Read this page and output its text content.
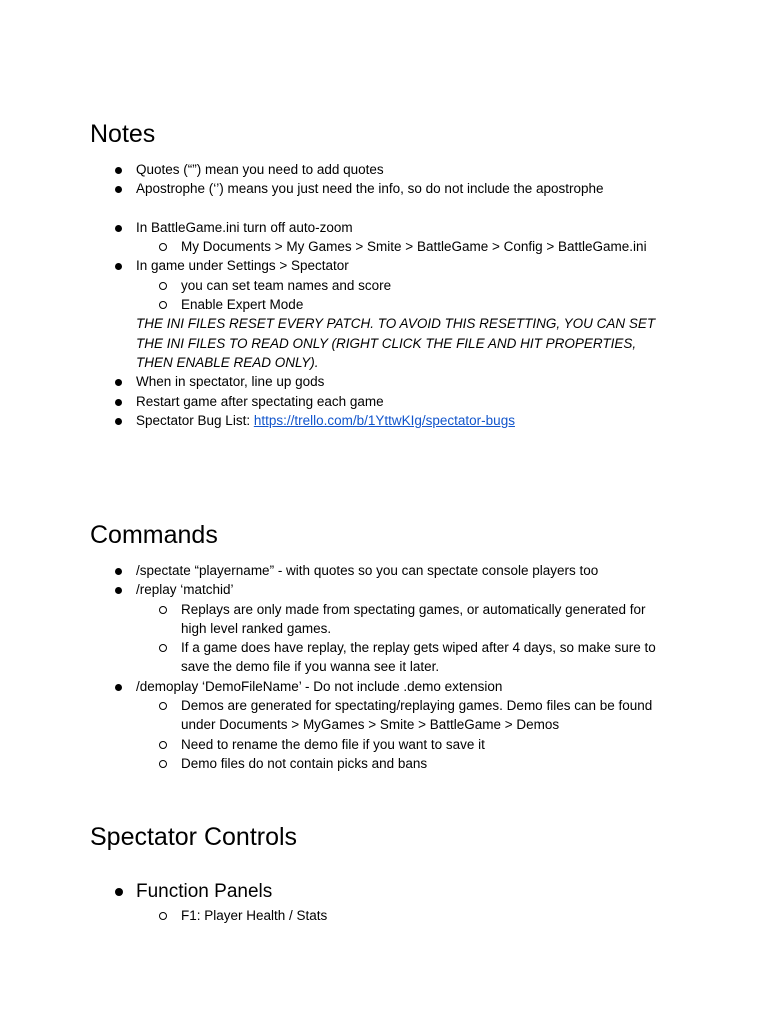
Notes
Quotes (“”) mean you need to add quotes
Apostrophe (‘’) means you just need the info, so do not include the apostrophe
In BattleGame.ini turn off auto-zoom
My Documents > My Games > Smite > BattleGame > Config > BattleGame.ini
In game under Settings > Spectator
you can set team names and score
Enable Expert Mode
THE INI FILES RESET EVERY PATCH. TO AVOID THIS RESETTING, YOU CAN SET
THE INI FILES TO READ ONLY (RIGHT CLICK THE FILE AND HIT PROPERTIES,
THEN ENABLE READ ONLY).
When in spectator, line up gods
Restart game after spectating each game
Spectator Bug List: https://trello.com/b/1YttwKIg/spectator-bugs
Commands
/spectate “playername” - with quotes so you can spectate console players too
/replay ‘matchid’
Replays are only made from spectating games, or automatically generated for
high level ranked games.
If a game does have replay, the replay gets wiped after 4 days, so make sure to
save the demo file if you wanna see it later.
/demoplay ‘DemoFileName’ - Do not include .demo extension
Demos are generated for spectating/replaying games. Demo files can be found
under Documents > MyGames > Smite > BattleGame > Demos
Need to rename the demo file if you want to save it
Demo files do not contain picks and bans
Spectator Controls
Function Panels
F1: Player Health / Stats
